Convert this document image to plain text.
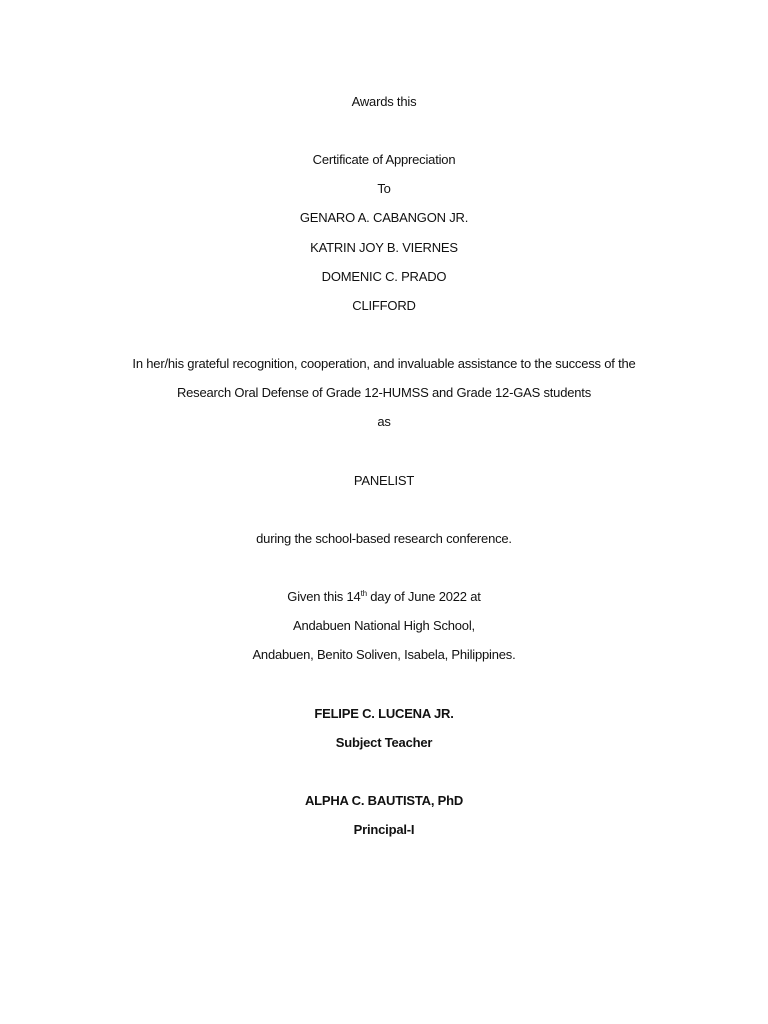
Awards this
Certificate of Appreciation
To
GENARO A. CABANGON JR.
KATRIN JOY B. VIERNES
DOMENIC C. PRADO
CLIFFORD
In her/his grateful recognition, cooperation, and invaluable assistance to the success of the
Research Oral Defense of Grade 12-HUMSS and Grade 12-GAS students
as
PANELIST
during the school-based research conference.
Given this 14th day of June 2022 at
Andabuen National High School,
Andabuen, Benito Soliven, Isabela, Philippines.
FELIPE C. LUCENA JR.
Subject Teacher
ALPHA C. BAUTISTA, PhD
Principal-I
